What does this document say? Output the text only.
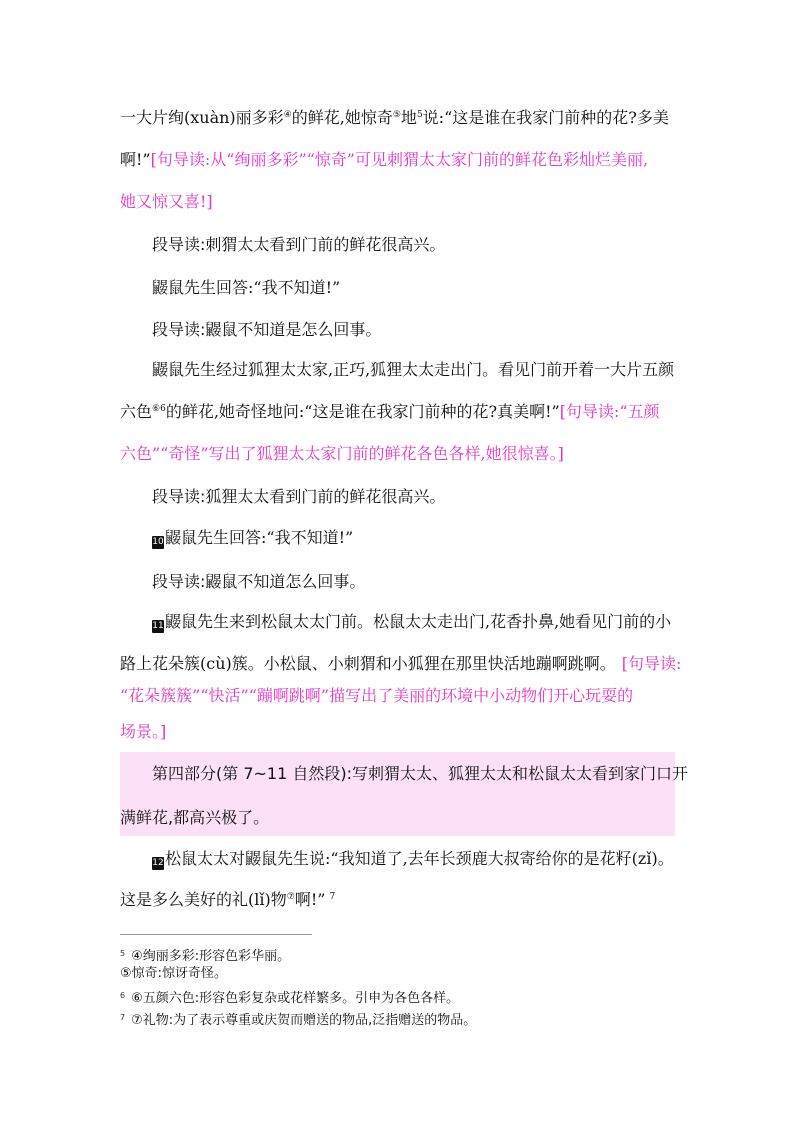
一大片绚(xuàn)丽多彩④的鲜花,她惊奇⑤地$^5$说:“这是谁在我家门前种的花?多美
啊!”[句导读:从“绚丽多彩”“惊奇”可见刺猬太太家门前的鲜花色彩灿烂美丽,
她又惊又喜!]
段导读:刺猬太太看到门前的鲜花很高兴。
鼹鼠先生回答:“我不知道!”
段导读:鼹鼠不知道是怎么回事。
鼹鼠先生经过狐狸太太家,正巧,狐狸太太走出门。看见门前开着一大片五颜
六色$^{⑥6}$的鲜花,她奇怪地问:“这是谁在我家门前种的花?真美啊!”[句导读:“五颜
六色”“奇怪”写出了狐狸太太家门前的鲜花各色各样,她很惊喜。]
段导读:狐狸太太看到门前的鲜花很高兴。
10鼹鼠先生回答:“我不知道!”
段导读:鼹鼠不知道怎么回事。
11鼹鼠先生来到松鼠太太门前。松鼠太太走出门,花香扑鼻,她看见门前的小
路上花朵簇(cù)簇。小松鼠、小刺猬和小狐狸在那里快活地蹦啊跳啊。 [句导读:
“花朵簇簇”“快活”“蹦啊跳啊”描写出了美丽的环境中小动物们开心玩耍的
场景。]
第四部分(第 7~11 自然段):写刺猬太太、狐狸太太和松鼠太太看到家门口开
满鲜花,都高兴极了。
12松鼠太太对鼹鼠先生说:“我知道了,去年长颈鹿大叔寄给你的是花籽(zǐ)。
这是多么美好的礼(lǐ)物⑦啊!” $^7$
$^5$ ④绚丽多彩:形容色彩华丽。
⑤惊奇:惊讶奇怪。
$^6$ ⑥五颜六色:形容色彩复杂或花样繁多。引申为各色各样。
$^7$ ⑦礼物:为了表示尊重或庆贺而赠送的物品,泛指赠送的物品。
